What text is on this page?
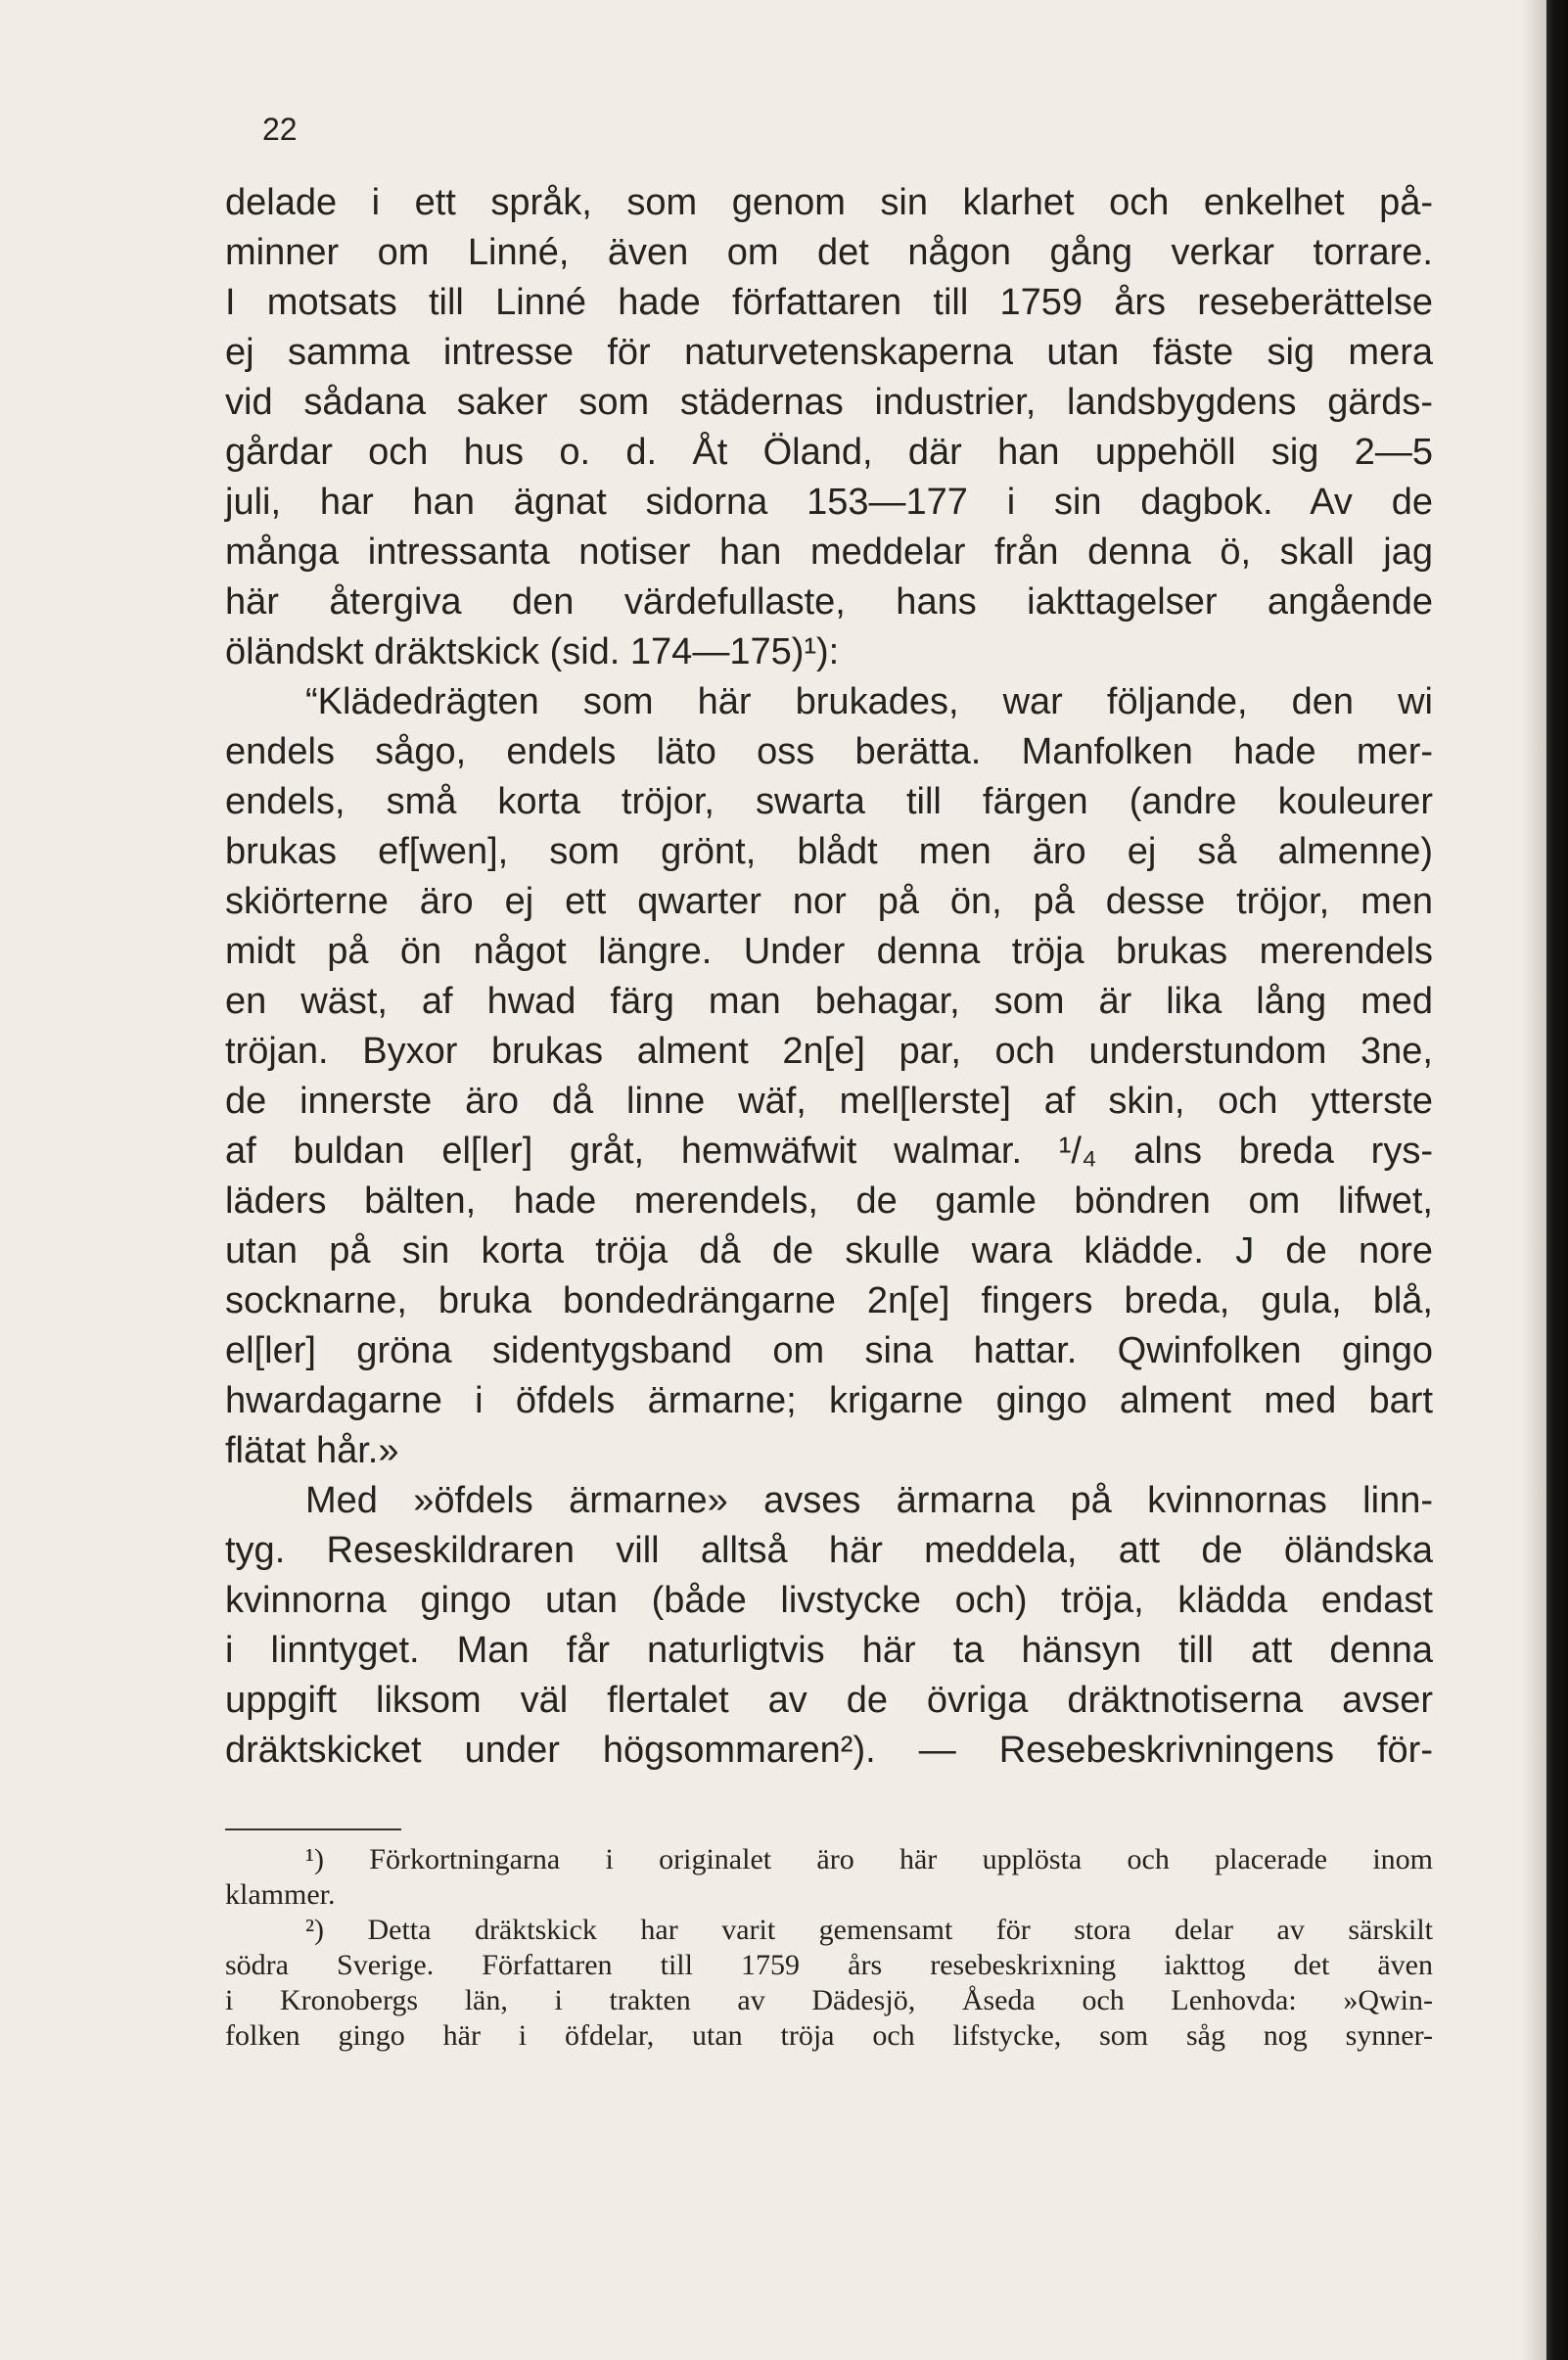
22
delade i ett språk, som genom sin klarhet och enkelhet på-
minner om Linné, även om det någon gång verkar torrare.
I motsats till Linné hade författaren till 1759 års reseberättelse
ej samma intresse för naturvetenskaperna utan fäste sig mera
vid sådana saker som städernas industrier, landsbygdens gärds-
gårdar och hus o. d. Åt Öland, där han uppehöll sig 2—5
juli, har han ägnat sidorna 153—177 i sin dagbok. Av de
många intressanta notiser han meddelar från denna ö, skall jag
här återgiva den värdefullaste, hans iakttagelser angående
öländskt dräktskick (sid. 174—175)¹):
“Klädedrägten som här brukades, war följande, den wi
endels sågo, endels läto oss berätta. Manfolken hade mer-
endels, små korta tröjor, swarta till färgen (andre kouleurer
brukas ef[wen], som grönt, blådt men äro ej så almenne)
skiörterne äro ej ett qwarter nor på ön, på desse tröjor, men
midt på ön något längre. Under denna tröja brukas merendels
en wäst, af hwad färg man behagar, som är lika lång med
tröjan. Byxor brukas alment 2n[e] par, och understundom 3ne,
de innerste äro då linne wäf, mel[lerste] af skin, och ytterste
af buldan el[ler] gråt, hemwäfwit walmar. ¹/₄ alns breda rys-
läders bälten, hade merendels, de gamle böndren om lifwet,
utan på sin korta tröja då de skulle wara klädde. J de nore
socknarne, bruka bondedrängarne 2n[e] fingers breda, gula, blå,
el[ler] gröna sidentygsband om sina hattar. Qwinfolken gingo
hwardagarne i öfdels ärmarne; krigarne gingo alment med bart
flätat hår.»
Med »öfdels ärmarne» avses ärmarna på kvinnornas linn-
tyg. Reseskildraren vill alltså här meddela, att de öländska
kvinnorna gingo utan (både livstycke och) tröja, klädda endast
i linntyget. Man får naturligtvis här ta hänsyn till att denna
uppgift liksom väl flertalet av de övriga dräktnotiserna avser
dräktskicket under högsommaren²). — Resebeskrivningens för-
¹) Förkortningarna i originalet äro här upplösta och placerade inom
klammer.
²) Detta dräktskick har varit gemensamt för stora delar av särskilt
södra Sverige. Författaren till 1759 års resebeskrixning iakttog det även
i Kronobergs län, i trakten av Dädesjö, Åseda och Lenhovda: »Qwin-
folken gingo här i öfdelar, utan tröja och lifstycke, som såg nog synner-
